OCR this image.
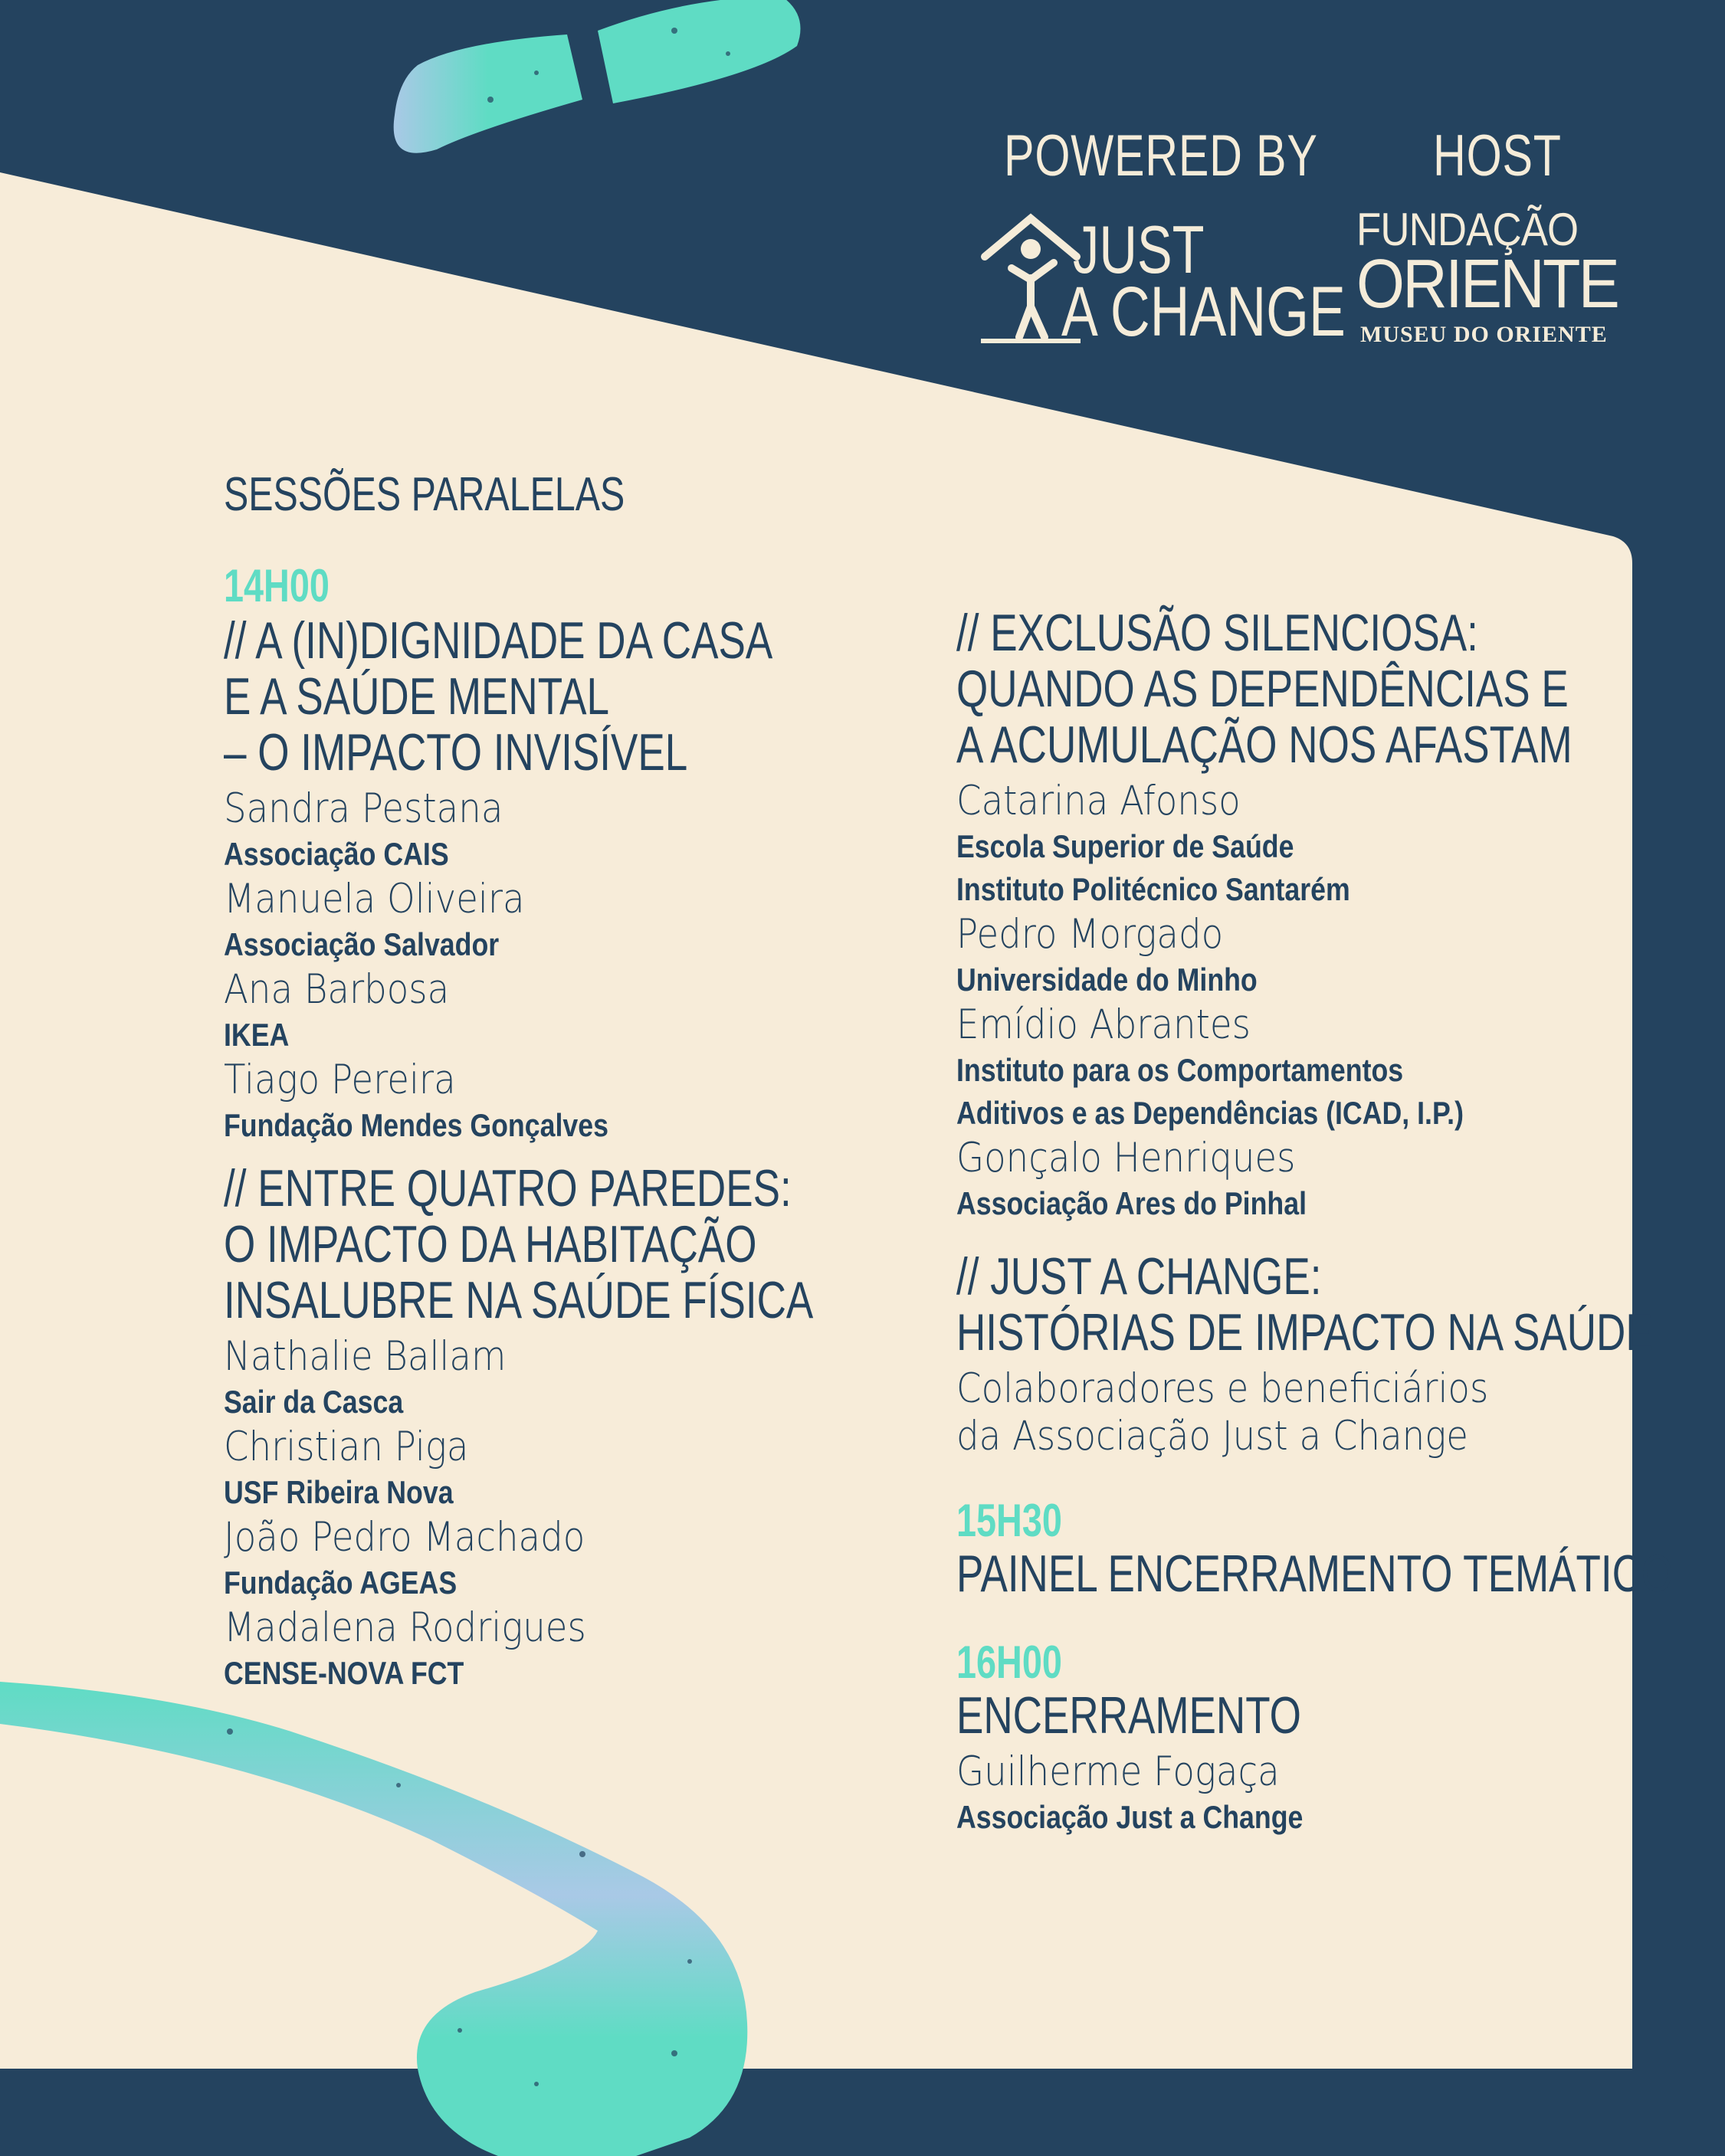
POWERED BY HOST
JUST
A CHANGE
FUNDAÇÃO
ORIENTE
MUSEU DO ORIENTE
SESSÕES PARALELAS
14H00
// A (IN)DIGNIDADE DA CASA
E A SAÚDE MENTAL
– O IMPACTO INVISÍVEL
Sandra Pestana
Associação CAIS
Manuela Oliveira
Associação Salvador
Ana Barbosa
IKEA
Tiago Pereira
Fundação Mendes Gonçalves
// ENTRE QUATRO PAREDES:
O IMPACTO DA HABITAÇÃO
INSALUBRE NA SAÚDE FÍSICA
Nathalie Ballam
Sair da Casca
Christian Piga
USF Ribeira Nova
João Pedro Machado
Fundação AGEAS
Madalena Rodrigues
CENSE-NOVA FCT
// EXCLUSÃO SILENCIOSA:
QUANDO AS DEPENDÊNCIAS E
A ACUMULAÇÃO NOS AFASTAM
Catarina Afonso
Escola Superior de Saúde
Instituto Politécnico Santarém
Pedro Morgado
Universidade do Minho
Emídio Abrantes
Instituto para os Comportamentos
Aditivos e as Dependências (ICAD, I.P.)
Gonçalo Henriques
Associação Ares do Pinhal
// JUST A CHANGE:
HISTÓRIAS DE IMPACTO NA SAÚDE
Colaboradores e beneficiários
da Associação Just a Change
15H30
PAINEL ENCERRAMENTO TEMÁTICO
16H00
ENCERRAMENTO
Guilherme Fogaça
Associação Just a Change
